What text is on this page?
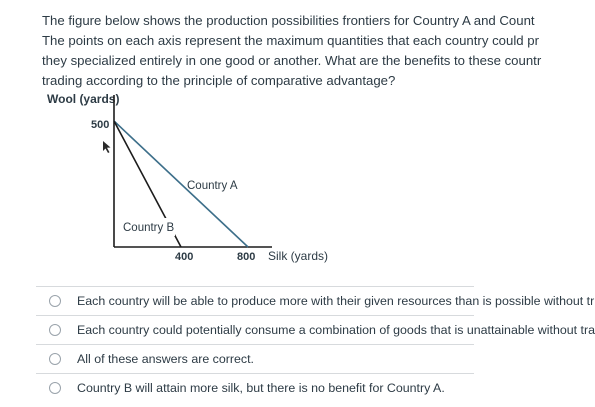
The figure below shows the production possibilities frontiers for Country A and Count
The points on each axis represent the maximum quantities that each country could pr
they specialized entirely in one good or another. What are the benefits to these countr
trading according to the principle of comparative advantage?
Wool (yards)
Silk (yards)
500
400	800
Country A
Country B
Each country will be able to produce more with their given resources than is possible without tr
Each country could potentially consume a combination of goods that is unattainable without tra
All of these answers are correct.
Country B will attain more silk, but there is no benefit for Country A.
